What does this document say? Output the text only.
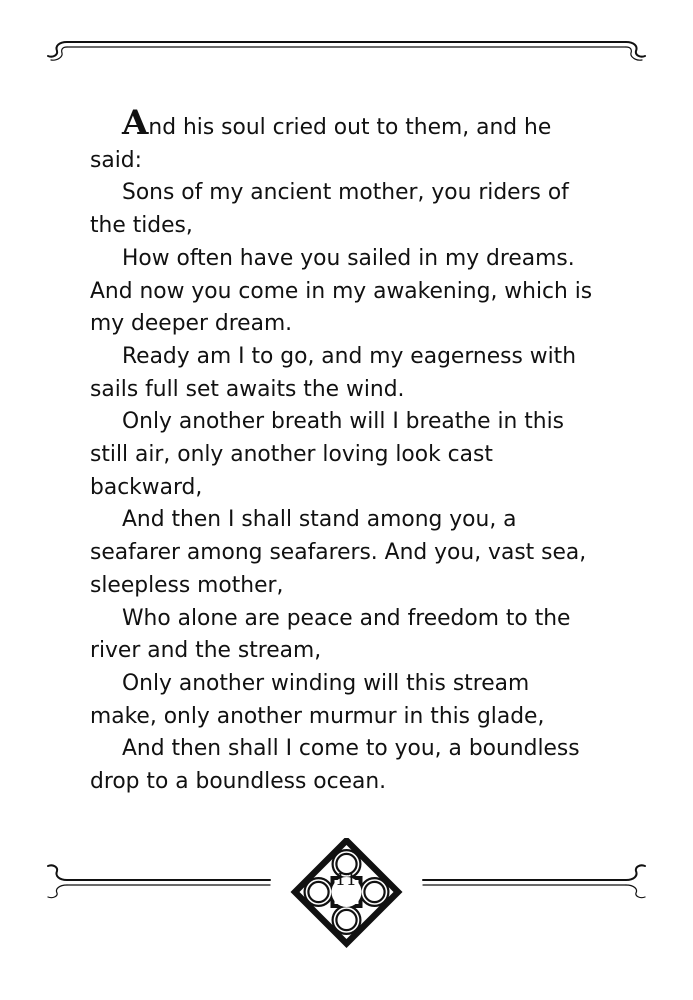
And his soul cried out to them, and he said:

Sons of my ancient mother, you riders of the tides,

How often have you sailed in my dreams. And now you come in my awakening, which is my deeper dream.

Ready am I to go, and my eagerness with sails full set awaits the wind.

Only another breath will I breathe in this still air, only another loving look cast backward,

And then I shall stand among you, a seafarer among seafarers. And you, vast sea, sleepless mother,

Who alone are peace and freedom to the river and the stream,

Only another winding will this stream make, only another murmur in this glade,

And then shall I come to you, a boundless drop to a boundless ocean.

11
